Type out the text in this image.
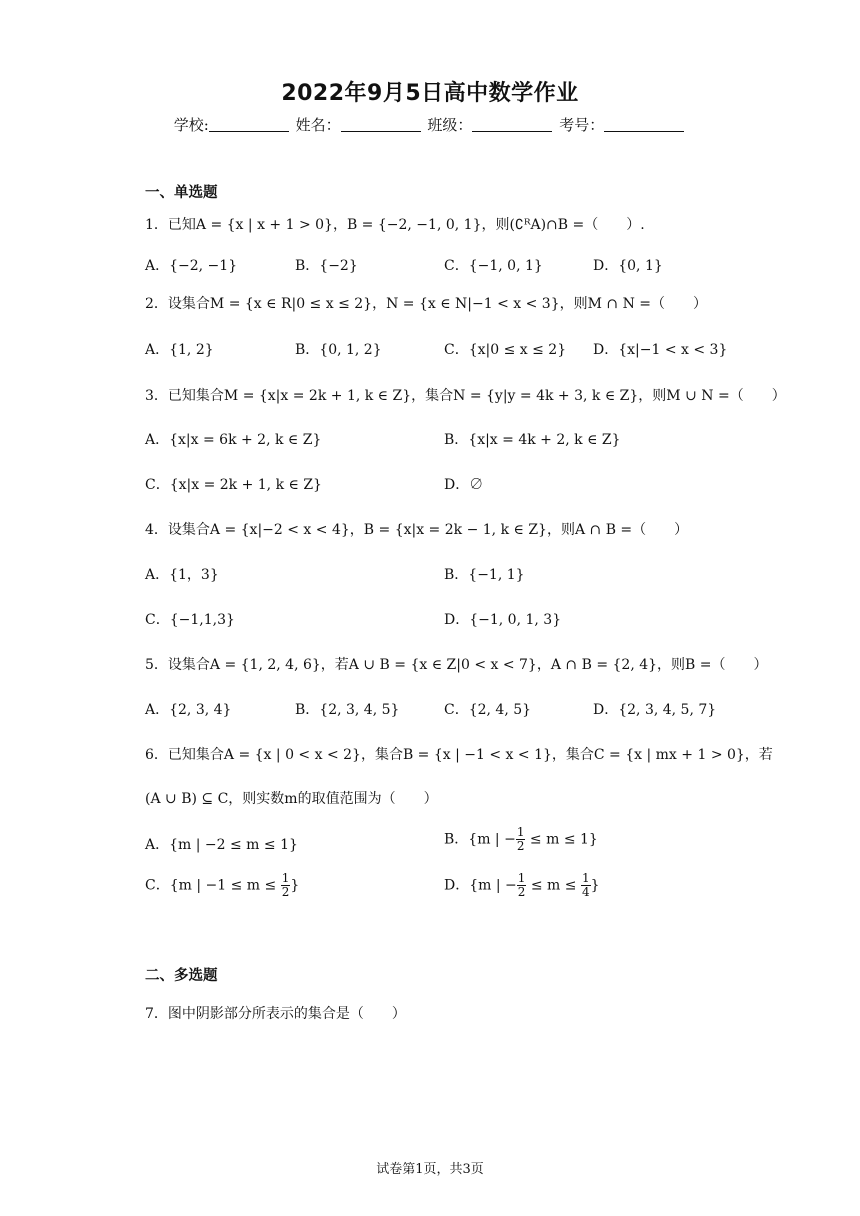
2022年9月5日高中数学作业
学校:	姓名：	班级：	考号：
一、单选题
1．已知A = {x | x + 1 > 0}，B = {−2, −1, 0, 1}，则(∁ᴿA)∩B =（　　）.
A．{−2, −1}	B．{−2}	C．{−1, 0, 1}	D．{0, 1}
2．设集合M = {x ∈ R|0 ≤ x ≤ 2}，N = {x ∈ N|−1 < x < 3}，则M ∩ N =（　　）
A．{1, 2}	B．{0, 1, 2}	C．{x|0 ≤ x ≤ 2} D．{x|−1 < x < 3}
3．已知集合M = {x|x = 2k + 1, k ∈ Z}，集合N = {y|y = 4k + 3, k ∈ Z}，则M ∪ N =（　　）
A．{x|x = 6k + 2, k ∈ Z}	B．{x|x = 4k + 2, k ∈ Z}
C．{x|x = 2k + 1, k ∈ Z}	D．∅
4．设集合A = {x|−2 < x < 4}，B = {x|x = 2k − 1, k ∈ Z}，则A ∩ B =（　　）
A．{1，3}	B．{−1, 1}
C．{−1,1,3}	D．{−1, 0, 1, 3}
5．设集合A = {1, 2, 4, 6}，若A ∪ B = {x ∈ Z|0 < x < 7}，A ∩ B = {2, 4}，则B =（　　）
A．{2, 3, 4}	B．{2, 3, 4, 5}	C．{2, 4, 5}	D．{2, 3, 4, 5, 7}
6．已知集合A = {x | 0 < x < 2}，集合B = {x | −1 < x < 1}，集合C = {x | mx + 1 > 0}，若
(A ∪ B) ⊆ C，则实数m的取值范围为（　　）
A．{m | −2 ≤ m ≤ 1}	B．{m | − $\frac{1}{2} \le m \le 1$}
C．{m | $-1 \le m \le \frac{1}{2}$ }	D．{m | − $\frac{1}{2} \le m \le \frac{1}{4}$ }
二、多选题
7．图中阴影部分所表示的集合是（　　）
试卷第1页，共3页
